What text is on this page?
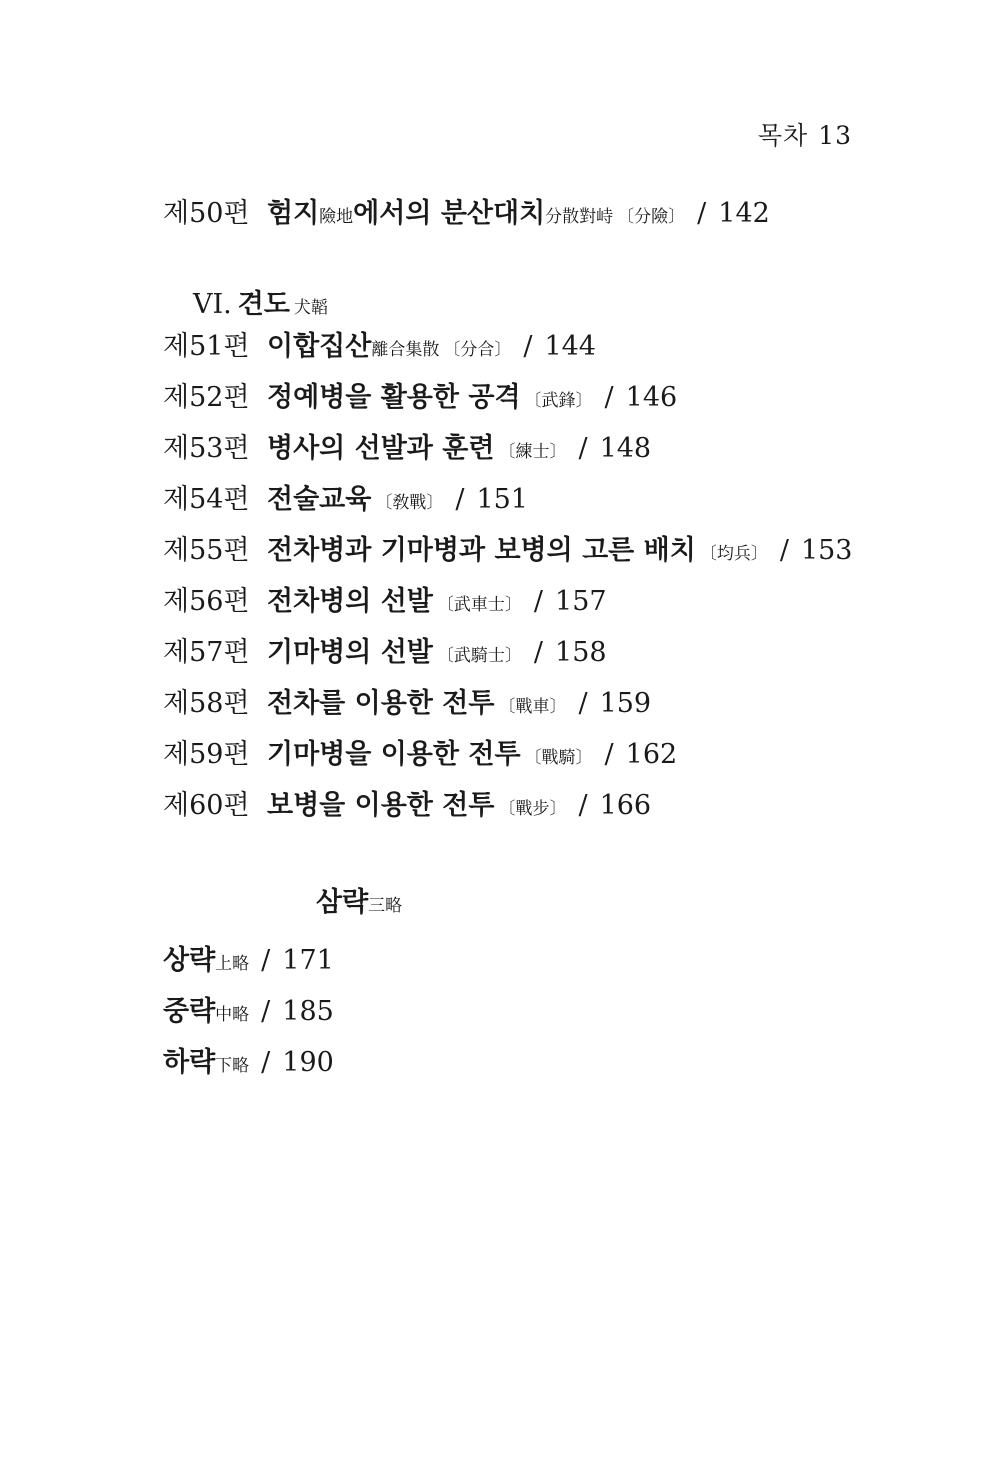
목차 13
제50편 험지險地에서의 분산대치分散對峙 〔分險〕 / 142
VI. 견도 犬韜
제51편 이합집산離合集散 〔分合〕 / 144
제52편 정예병을 활용한 공격 〔武鋒〕 / 146
제53편 병사의 선발과 훈련 〔練士〕 / 148
제54편 전술교육 〔敎戰〕 / 151
제55편 전차병과 기마병과 보병의 고른 배치 〔均兵〕 / 153
제56편 전차병의 선발 〔武車士〕 / 157
제57편 기마병의 선발 〔武騎士〕 / 158
제58편 전차를 이용한 전투 〔戰車〕 / 159
제59편 기마병을 이용한 전투 〔戰騎〕 / 162
제60편 보병을 이용한 전투 〔戰步〕 / 166
삼략三略
상략上略 / 171
중략中略 / 185
하략下略 / 190
